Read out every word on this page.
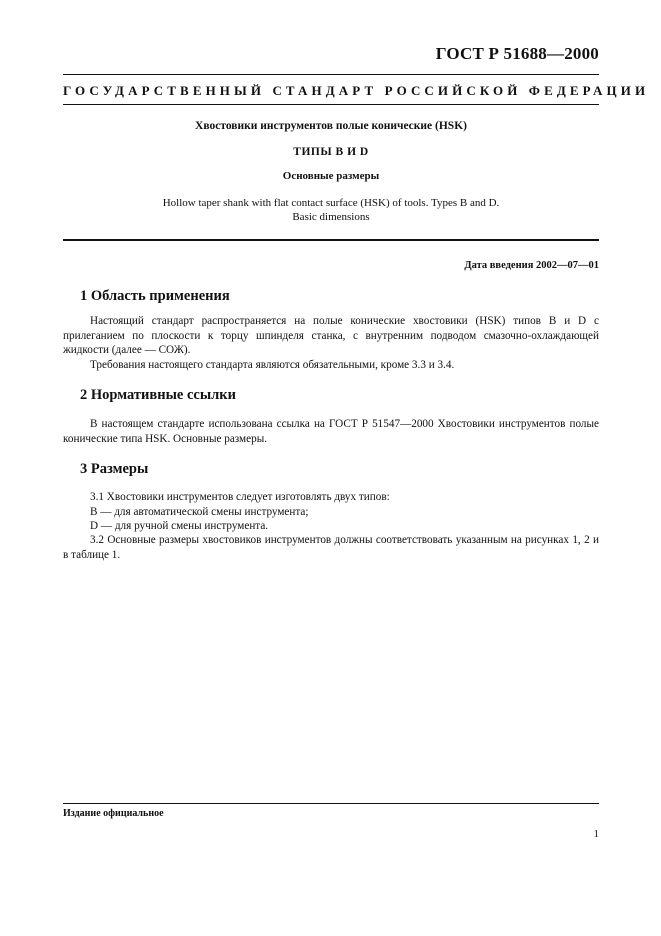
ГОСТ Р 51688—2000
ГОСУДАРСТВЕННЫЙ СТАНДАРТ РОССИЙСКОЙ ФЕДЕРАЦИИ
Хвостовики инструментов полые конические (HSK)
ТИПЫ В И D
Основные размеры
Hollow taper shank with flat contact surface (HSK) of tools. Types B and D.
Basic dimensions
Дата введения 2002—07—01
1 Область применения

Настоящий стандарт распространяется на полые конические хвостовики (HSK) типов В и D с прилеганием по плоскости к торцу шпинделя станка, с внутренним подводом смазочно-охлаждающей жидкости (далее — СОЖ).

Требования настоящего стандарта являются обязательными, кроме 3.3 и 3.4.

2 Нормативные ссылки

В настоящем стандарте использована ссылка на ГОСТ Р 51547—2000 Хвостовики инструментов полые конические типа HSK. Основные размеры.

3 Размеры

3.1 Хвостовики инструментов следует изготовлять двух типов:

В — для автоматической смены инструмента;

D — для ручной смены инструмента.

3.2 Основные размеры хвостовиков инструментов должны соответствовать указанным на рисунках 1, 2 и в таблице 1.

Издание официальное
1
